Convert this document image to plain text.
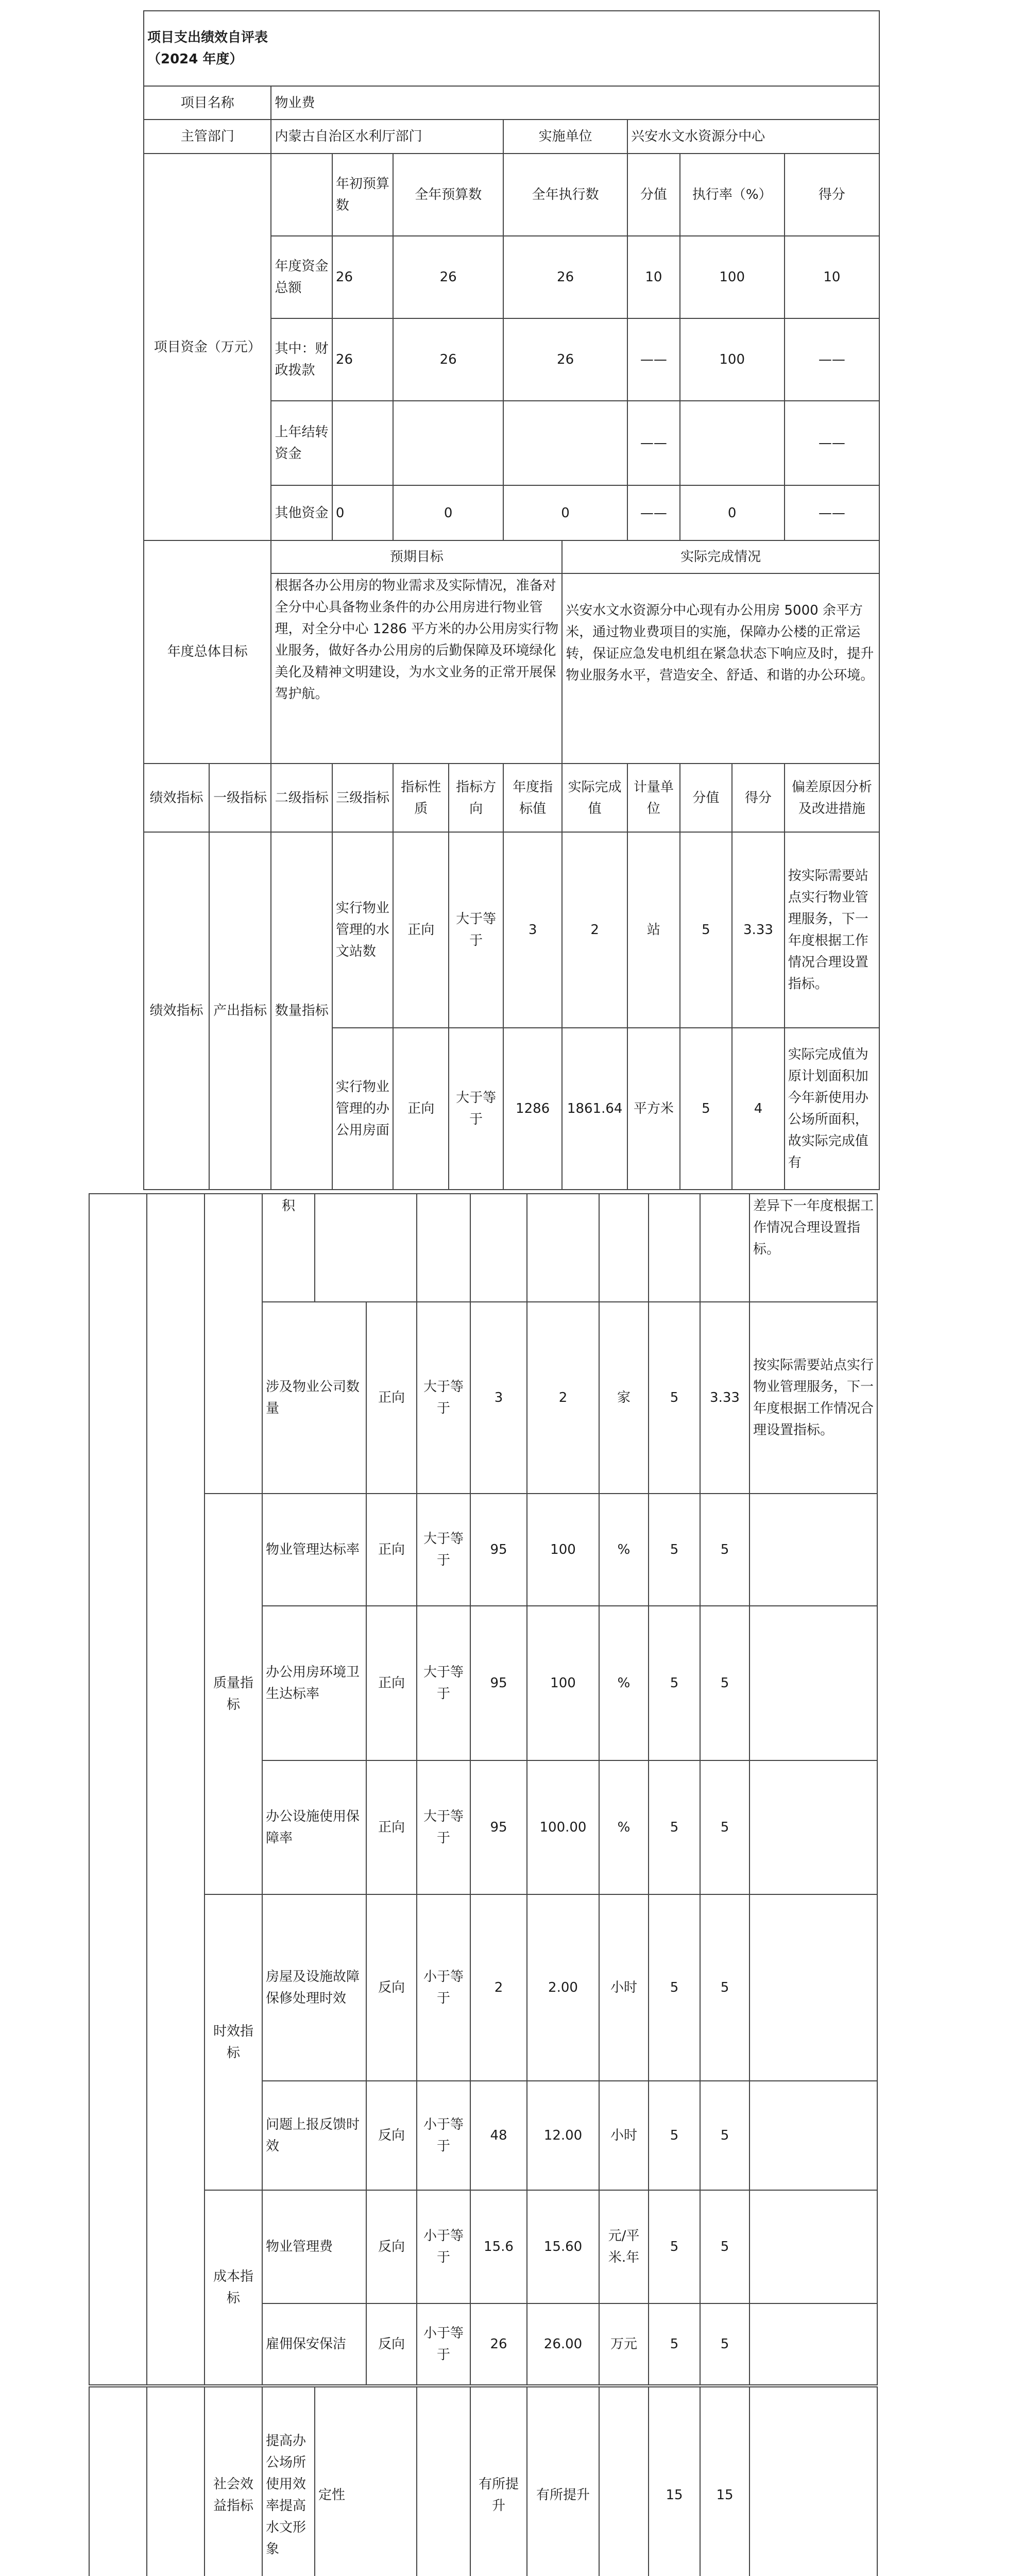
项目支出绩效自评表
（2024 年度）											

项目名称		物业费									
主管部门		内蒙古自治区水利厅部门				实施单位		兴安水文水资源分中心			
项目资金（万元）			年初预算数	全年预算数		全年执行数		分值	执行率（%）		得分
		年度资金总额	26	26		26		10	100		10
		其中：财政拨款	26	26		26		——	100		——
		上年结转资金						——			——
		其他资金	0	0		0		——	0		——
年度总体目标		预期目标					实际完成情况				
		根据各办公用房的物业需求及实际情况，准备对全分中心具备物业条件的办公用房进行物业管理，对全分中心 1286 平方米的办公用房实行物业服务，做好各办公用房的后勤保障及环境绿化美化及精神文明建设，为水文业务的正常开展保驾护航。					兴安水文水资源分中心现有办公用房 5000 余平方米，通过物业费项目的实施，保障办公楼的正常运转，保证应急发电机组在紧急状态下响应及时，提升物业服务水平，营造安全、舒适、和谐的办公环境。				
绩效指标	一级指标	二级指标	三级指标	指标性质	指标方向	年度指标值	实际完成值	计量单位	分值	得分	偏差原因分析及改进措施
绩效指标	产出指标	数量指标	实行物业管理的水文站数	正向	大于等于	3	2	站	5	3.33	按实际需要站点实行物业管理服务，下一年度根据工作情况合理设置指标。
			实行物业管理的办公用房面	正向	大于等于	1286	1861.64	平方米	5	4	实际完成值为原计划面积加今年新使用办公场所面积，故实际完成值有
			积									差异下一年度根据工作情况合理设置指标。
			涉及物业公司数量		正向	大于等于	3	2	家	5	3.33	按实际需要站点实行物业管理服务，下一年度根据工作情况合理设置指标。
		质量指标	物业管理达标率		正向	大于等于	95	100	%	5	5	
			办公用房环境卫生达标率		正向	大于等于	95	100	%	5	5	
			办公设施使用保障率		正向	大于等于	95	100.00	%	5	5	
		时效指标	房屋及设施故障保修处理时效		反向	小于等于	2	2.00	小时	5	5	
			问题上报反馈时效		反向	小于等于	48	12.00	小时	5	5	
		成本指标	物业管理费		反向	小于等于	15.6	15.60	元/平米.年	5	5	
			雇佣保安保洁		反向	小于等于	26	26.00	万元	5	5	
		社会效益指标	提高办公场所使用效率提高水文形象	定性			有所提升	有所提升		15	15	
